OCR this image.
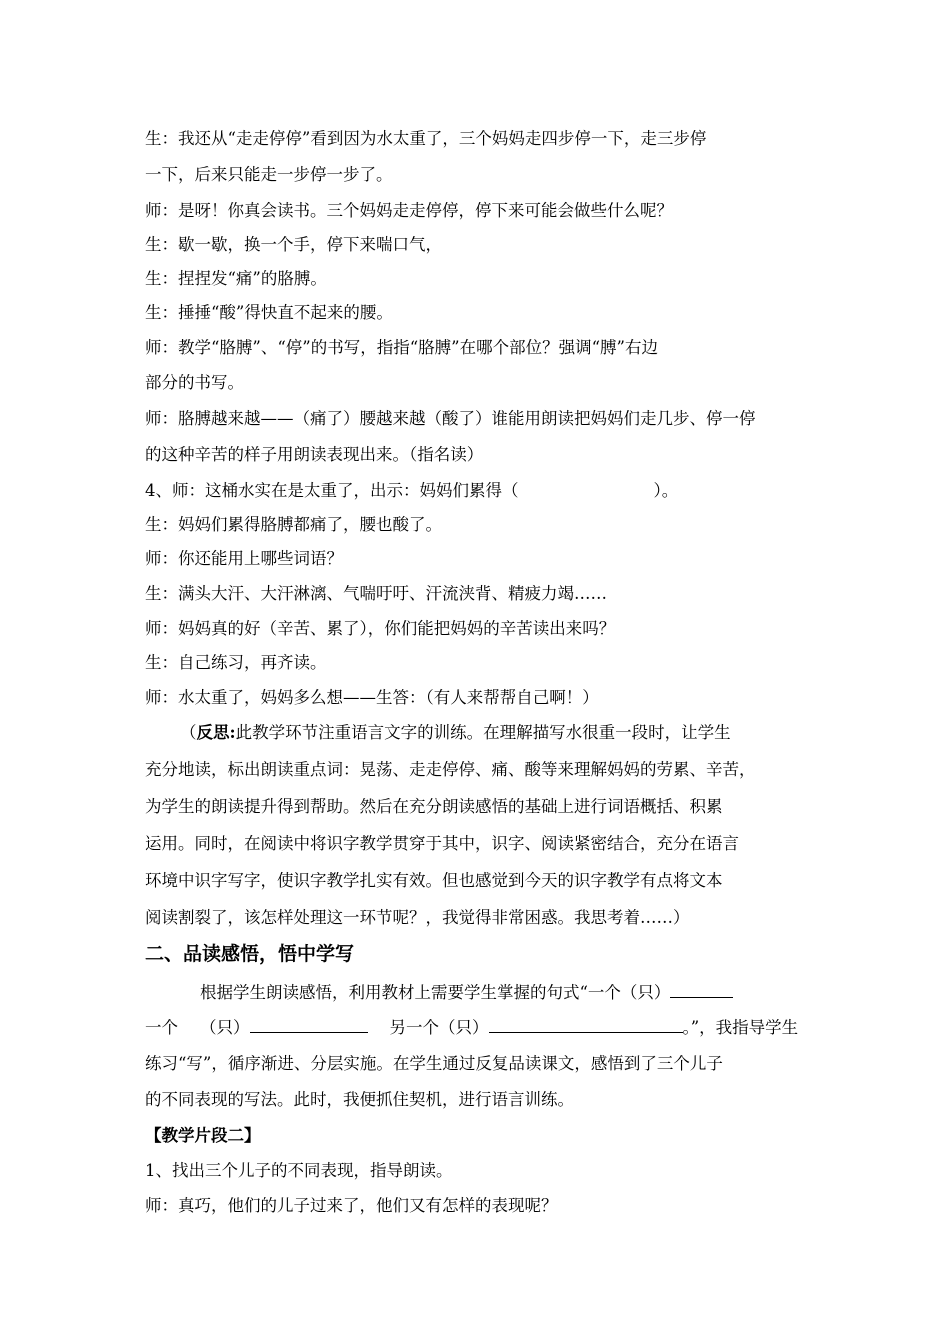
生：我还从“走走停停”看到因为水太重了，三个妈妈走四步停一下，走三步停
一下，后来只能走一步停一步了。
师：是呀！你真会读书。三个妈妈走走停停，停下来可能会做些什么呢？
生：歇一歇，换一个手，停下来喘口气，
生：捏捏发“痛”的胳膊。
生：捶捶“酸”得快直不起来的腰。
师：教学“胳膊”、“停”的书写，指指“胳膊”在哪个部位？强调“膊”右边
部分的书写。
师：胳膊越来越——（痛了）腰越来越（酸了）谁能用朗读把妈妈们走几步、停一停
的这种辛苦的样子用朗读表现出来。（指名读）
4、师：这桶水实在是太重了，出示：妈妈们累得（	）。
生：妈妈们累得胳膊都痛了，腰也酸了。
师：你还能用上哪些词语？
生：满头大汗、大汗淋漓、气喘吁吁、汗流浃背、精疲力竭……
师：妈妈真的好（辛苦、累了），你们能把妈妈的辛苦读出来吗？
生：自己练习，再齐读。
师：水太重了，妈妈多么想——生答：（有人来帮帮自己啊！）
（反思:此教学环节注重语言文字的训练。在理解描写水很重一段时，让学生
充分地读，标出朗读重点词：晃荡、走走停停、痛、酸等来理解妈妈的劳累、辛苦，
为学生的朗读提升得到帮助。然后在充分朗读感悟的基础上进行词语概括、积累
运用。同时，在阅读中将识字教学贯穿于其中，识字、阅读紧密结合，充分在语言
环境中识字写字，使识字教学扎实有效。但也感觉到今天的识字教学有点将文本
阅读割裂了，该怎样处理这一环节呢？，我觉得非常困惑。我思考着……）
二、品读感悟，悟中学写
根据学生朗读感悟，利用教材上需要学生掌握的句式“一个（只）
一个 （只）	另一个（只）	。”，我指导学生
练习“写”，循序渐进、分层实施。在学生通过反复品读课文，感悟到了三个儿子
的不同表现的写法。此时，我便抓住契机，进行语言训练。
【教学片段二】
1、找出三个儿子的不同表现，指导朗读。
师：真巧，他们的儿子过来了，他们又有怎样的表现呢？
